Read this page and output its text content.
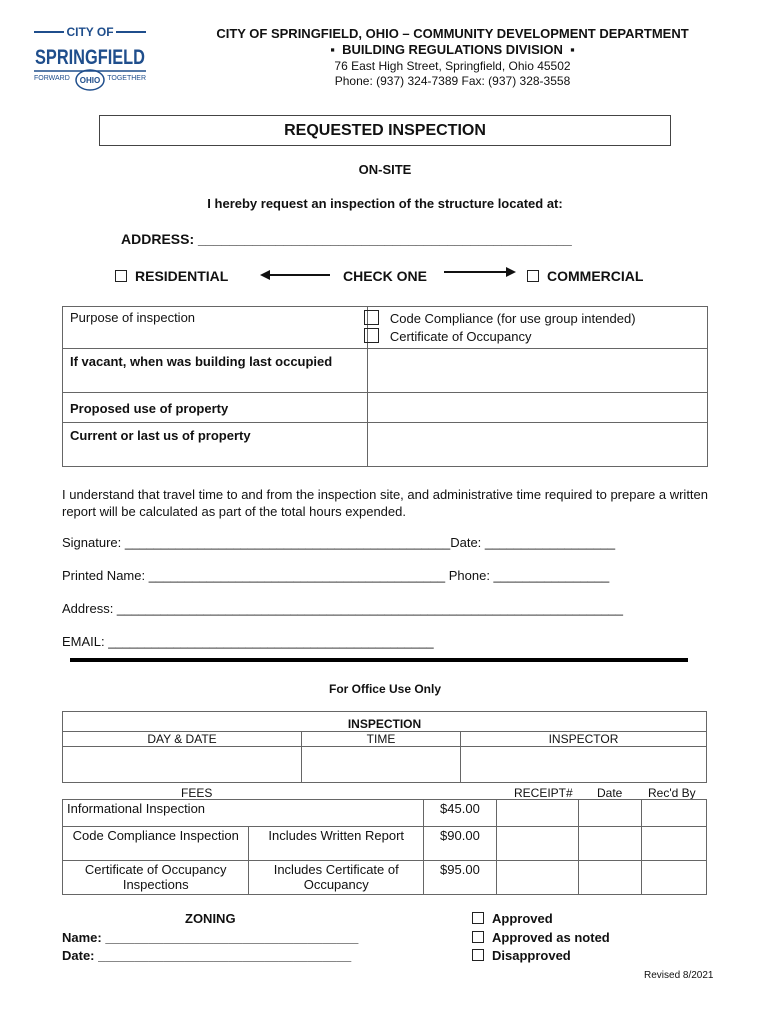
CITY OF
SPRINGFIELD
FORWARD OHIO TOGETHER
CITY OF SPRINGFIELD, OHIO – COMMUNITY DEVELOPMENT DEPARTMENT
▪ BUILDING REGULATIONS DIVISION ▪
76 East High Street, Springfield, Ohio 45502
Phone: (937) 324-7389 Fax: (937) 328-3558
REQUESTED INSPECTION
ON-SITE
I hereby request an inspection of the structure located at:
ADDRESS: ________________________________________________
RESIDENTIAL	CHECK ONE	COMMERCIAL
Purpose of inspection	Code Compliance (for use group intended)
Certificate of Occupancy

If vacant, when was building last occupied	
Proposed use of property	
Current or last us of property	
I understand that travel time to and from the inspection site, and administrative time required to prepare a written report will be calculated as part of the total hours expended.
Signature: _____________________________________________Date: __________________
Printed Name: _________________________________________ Phone: ________________
Address: ______________________________________________________________________
EMAIL: _____________________________________________
For Office Use Only
INSPECTION		
DAY & DATE	TIME	INSPECTOR

FEES	RECEIPT# Date Rec'd By
Informational Inspection		$45.00			
Code Compliance Inspection	Includes Written Report	$90.00			
Certificate of Occupancy Inspections	Includes Certificate of Occupancy	$95.00			
ZONING
Name: ___________________________________
Date: ___________________________________
Approved
Approved as noted
Disapproved
Revised 8/2021
